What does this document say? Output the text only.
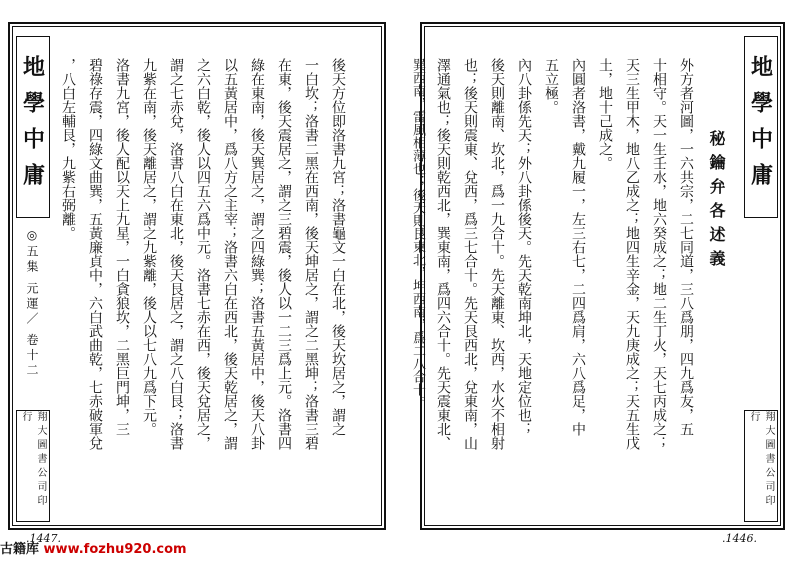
後天方位即洛書九宮；洛書龜文一白在北，後天坎居之，謂之
一白坎；洛書二黑在西南，後天坤居之，謂之二黑坤；洛書三碧
在東，後天震居之，謂之三碧震，後人以一二三爲上元。洛書四
綠在東南，後天巽居之，謂之四綠巽；洛書五黃居中，後天八卦
以五黃居中，爲八方之主宰；洛書六白在西北，後天乾居之，謂
之六白乾，後人以四五六爲中元。洛書七赤在西，後天兌居之，
謂之七赤兌，洛書八白在東北，後天艮居之，謂之八白艮；洛書
九紫在南，後天離居之，謂之九紫離，後人以七八九爲下元。
洛書九宮，後人配以天上九星，一白貪狼坎，二黑巨門坤，三
碧祿存震，四綠文曲巽，五黃廉貞中，六白武曲乾，七赤破軍兌
，八白左輔艮，九紫右弼離。
地學中庸
◎五集 元運／ 卷十二
翔大圖書公司印行
.1447.
秘鑰弁各述義
外方者河圖，一六共宗，二七同道，三八爲朋，四九爲友，五
十相守。天一生壬水，地六癸成之；地二生丁火，天七丙成之；
天三生甲木，地八乙成之；地四生辛金，天九庚成之；天五生戊
土，地十己成之。
內圓者洛書，戴九履一，左三右七，二四爲肩，六八爲足，中
五立極。
內八卦係先天；外八卦係後天。先天乾南坤北，天地定位也；
後天則離南、坎北，爲一九合十。先天離東、坎西，水火不相射
也；後天則震東、兌西，爲三七合十。先天艮西北，兌東南，山
澤通氣也；後天則乾西北，巽東南，爲四六合十。先天震東北、
巽西南，雷風相薄也；後天則艮東北，坤西南，爲二八合十。	地學中庸
翔大圖書公司印行
.1446.
古籍库 www.fozhu920.com
